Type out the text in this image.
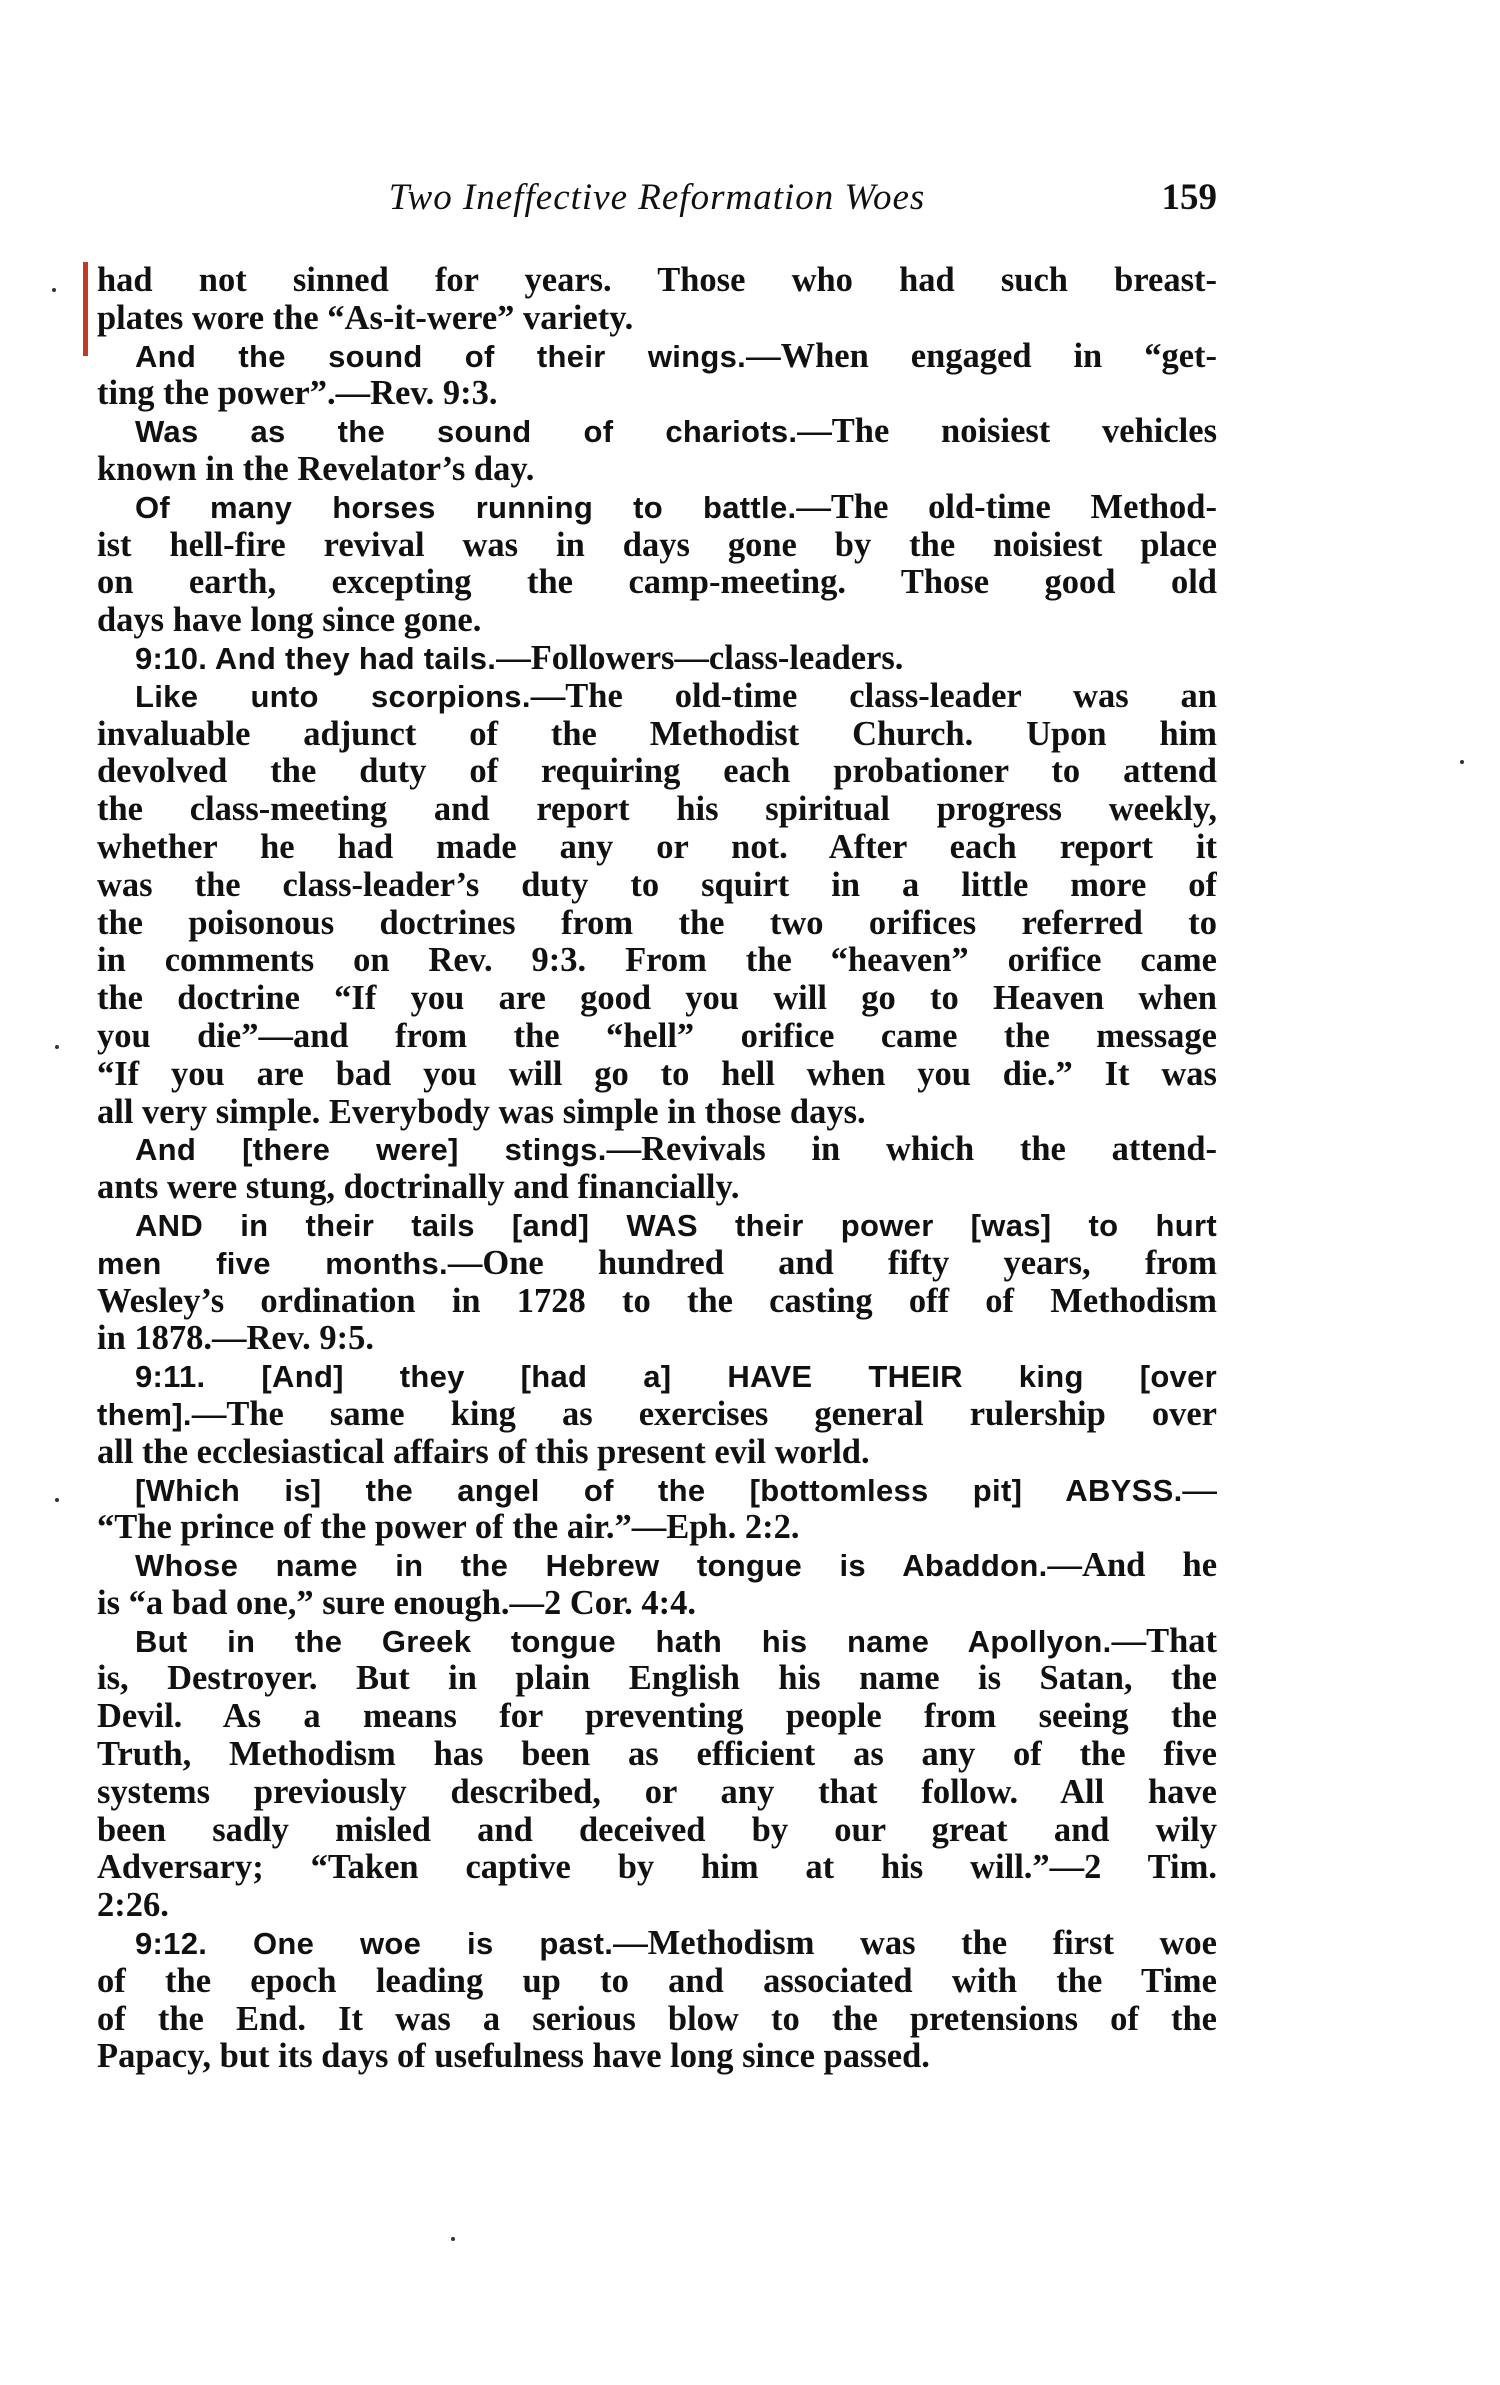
Two Ineffective Reformation Woes	159
had not sinned for years. Those who had such breast-
plates wore the “As-it-were” variety.
And the sound of their wings.—When engaged in “get-
ting the power”.—Rev. 9:3.
Was as the sound of chariots.—The noisiest vehicles
known in the Revelator’s day.
Of many horses running to battle.—The old-time Method-
ist hell-fire revival was in days gone by the noisiest place
on earth, excepting the camp-meeting. Those good old
days have long since gone.
9:10. And they had tails.—Followers—class-leaders.
Like unto scorpions.—The old-time class-leader was an
invaluable adjunct of the Methodist Church. Upon him
devolved the duty of requiring each probationer to attend
the class-meeting and report his spiritual progress weekly,
whether he had made any or not. After each report it
was the class-leader’s duty to squirt in a little more of
the poisonous doctrines from the two orifices referred to
in comments on Rev. 9:3. From the “heaven” orifice came
the doctrine “If you are good you will go to Heaven when
you die”—and from the “hell” orifice came the message
“If you are bad you will go to hell when you die.” It was
all very simple. Everybody was simple in those days.
And [there were] stings.—Revivals in which the attend-
ants were stung, doctrinally and financially.
AND in their tails [and] WAS their power [was] to hurt
men five months.—One hundred and fifty years, from
Wesley’s ordination in 1728 to the casting off of Methodism
in 1878.—Rev. 9:5.
9:11. [And] they [had a] HAVE THEIR king [over
them].—The same king as exercises general rulership over
all the ecclesiastical affairs of this present evil world.
[Which is] the angel of the [bottomless pit] ABYSS.—
“The prince of the power of the air.”—Eph. 2:2.
Whose name in the Hebrew tongue is Abaddon.—And he
is “a bad one,” sure enough.—2 Cor. 4:4.
But in the Greek tongue hath his name Apollyon.—That
is, Destroyer. But in plain English his name is Satan, the
Devil. As a means for preventing people from seeing the
Truth, Methodism has been as efficient as any of the five
systems previously described, or any that follow. All have
been sadly misled and deceived by our great and wily
Adversary; “Taken captive by him at his will.”—2 Tim.
2:26.
9:12. One woe is past.—Methodism was the first woe
of the epoch leading up to and associated with the Time
of the End. It was a serious blow to the pretensions of the
Papacy, but its days of usefulness have long since passed.
